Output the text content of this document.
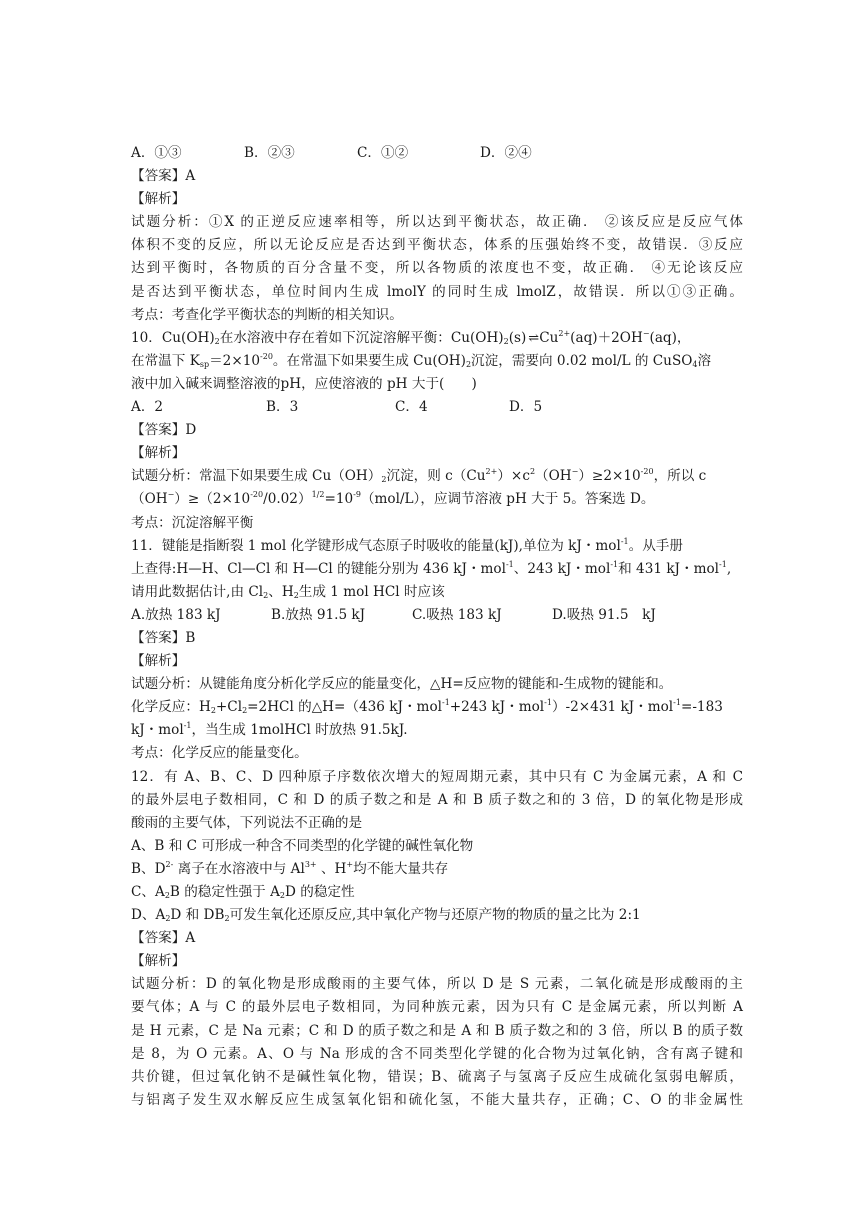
A．①③	B．②③	C．①②	D．②④
【答案】A
【解析】
试题分析：①X 的正逆反应速率相等，所以达到平衡状态，故正确． ②该反应是反应气体
体积不变的反应，所以无论反应是否达到平衡状态，体系的压强始终不变，故错误．③反应
达到平衡时，各物质的百分含量不变，所以各物质的浓度也不变，故正确． ④无论该反应
是否达到平衡状态，单位时间内生成 lmolY 的同时生成 lmolZ，故错误．所以①③正确。
考点：考查化学平衡状态的判断的相关知识。
10．$Cu(OH)_2$在水溶液中存在着如下沉淀溶解平衡：$Cu(OH)_2(s)$ ⇌ $Cu^{2+}(aq)+2OH^-(aq)$，
在常温下 $K_{sp}=2\times 10^{-20}$。在常温下如果要生成 $Cu(OH)_2$沉淀，需要向 0.02 mol/L 的 CuSO$_4$溶
液中加入碱来调整溶液的pH，应使溶液的 pH 大于(　　)
A．2	B．3	C．4	D．5
【答案】D
【解析】
试题分析：常温下如果要生成 $Cu(OH)_2$沉淀，则 $c(Cu^{2+})\times c^2(OH^-)\ge 2\times 10^{-20}$，所以 c
$(OH^-)\ge(2\times 10^{-20}/0.02)^{1/2}=10^{-9}(mol/L)$，应调节溶液 pH 大于 5。答案选 D。
考点：沉淀溶解平衡
11．键能是指断裂 1 mol 化学键形成气态原子时吸收的能量(kJ),单位为 kJ・mol$^{-1}$。从手册
上查得:H—H、Cl—Cl 和 H—Cl 的键能分别为 436 kJ・mol$^{-1}$、243 kJ・mol$^{-1}$和 431 kJ・mol$^{-1}$,
请用此数据估计,由 $Cl_2$、$H_2$生成 1 mol HCl 时应该
A.放热 183 kJ	B.放热 91.5 kJ	C.吸热 183 kJ	D.吸热 91.5　kJ
【答案】B
【解析】
试题分析：从键能角度分析化学反应的能量变化，△H=反应物的键能和-生成物的键能和。
化学反应：$H_2+Cl_2=2HCl$ 的△H=（436 kJ・mol$^{-1}$+243 kJ・mol$^{-1}$）-2×431 kJ・mol$^{-1}$=-183
kJ・mol$^{-1}$，当生成 1molHCl 时放热 91.5kJ.
考点：化学反应的能量变化。
12．有 A、B、C、D 四种原子序数依次增大的短周期元素，其中只有 C 为金属元素，A 和 C
的最外层电子数相同，C 和 D 的质子数之和是 A 和 B 质子数之和的 3 倍，D 的氧化物是形成
酸雨的主要气体，下列说法不正确的是
A、B 和 C 可形成一种含不同类型的化学键的碱性氧化物
B、$D^{2-}$ 离子在水溶液中与 $Al^{3+}$ 、H+均不能大量共存
C、$A_2B$ 的稳定性强于 $A_2D$ 的稳定性
D、$A_2D$ 和 $DB_2$可发生氧化还原反应,其中氧化产物与还原产物的物质的量之比为 2:1
【答案】A
【解析】
试题分析：D 的氧化物是形成酸雨的主要气体，所以 D 是 S 元素，二氧化硫是形成酸雨的主
要气体；A 与 C 的最外层电子数相同，为同种族元素，因为只有 C 是金属元素，所以判断 A
是 H 元素，C 是 Na 元素；C 和 D 的质子数之和是 A 和 B 质子数之和的 3 倍，所以 B 的质子数
是 8，为 O 元素。A、O 与 Na 形成的含不同类型化学键的化合物为过氧化钠，含有离子键和
共价键，但过氧化钠不是碱性氧化物，错误；B、硫离子与氢离子反应生成硫化氢弱电解质，
与铝离子发生双水解反应生成氢氧化铝和硫化氢，不能大量共存，正确；C、O 的非金属性
